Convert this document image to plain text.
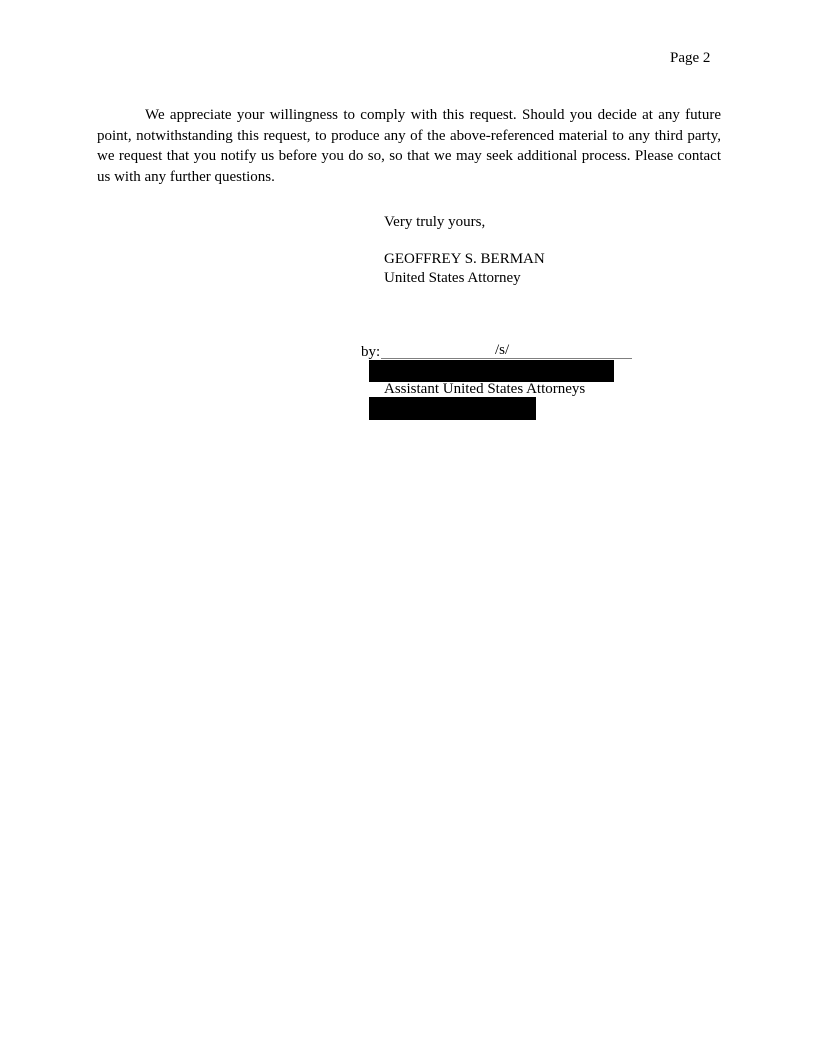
Page 2

We appreciate your willingness to comply with this request. Should you decide at any future point, notwithstanding this request, to produce any of the above-referenced material to any third party, we request that you notify us before you do so, so that we may seek additional process. Please contact us with any further questions.

Very truly yours,
GEOFFREY S. BERMAN
United States Attorney
by:	/s/
Assistant United States Attorneys
